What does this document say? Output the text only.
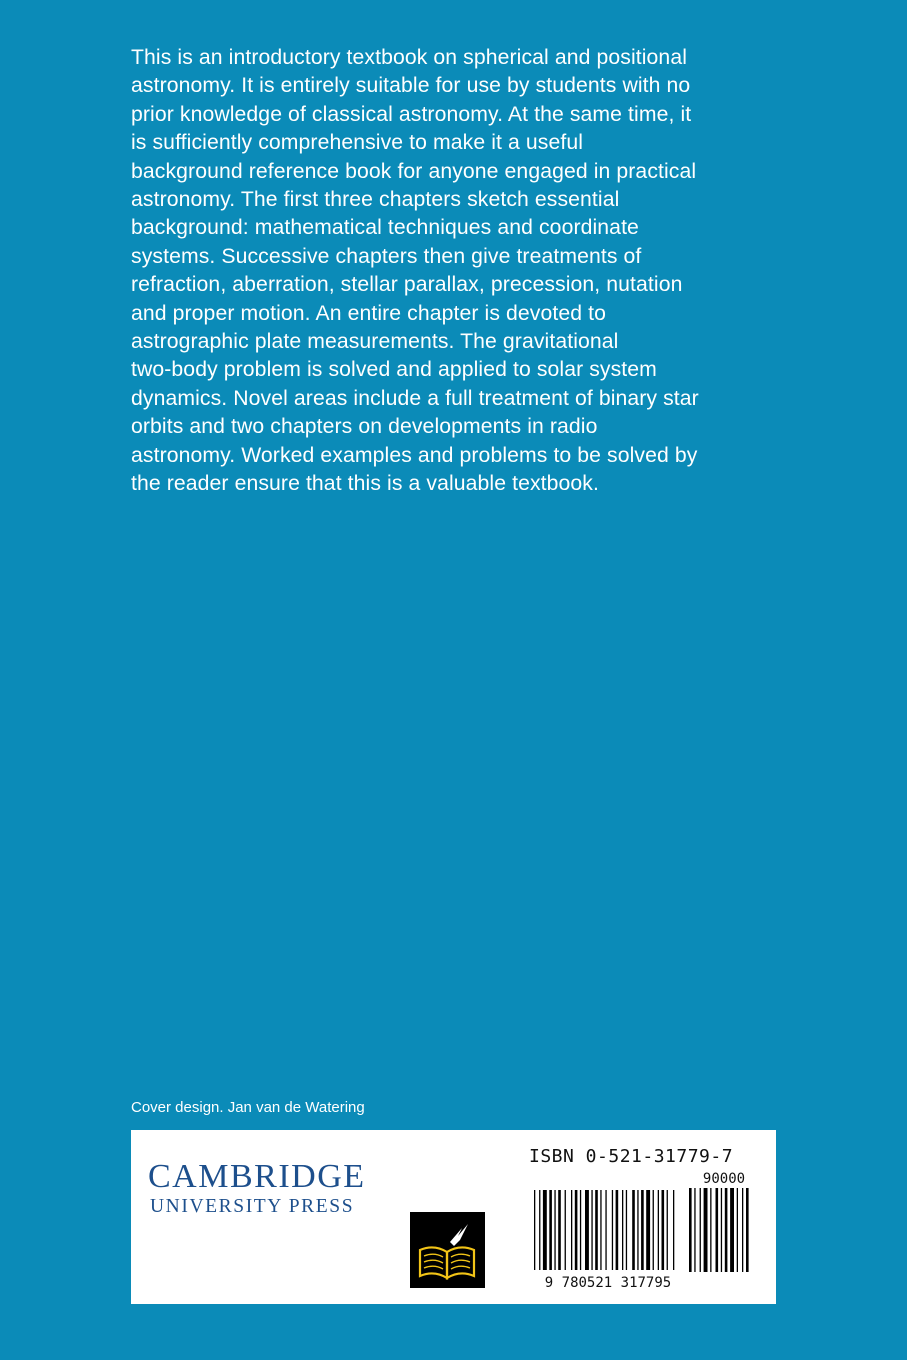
This is an introductory textbook on spherical and positional
astronomy. It is entirely suitable for use by students with no
prior knowledge of classical astronomy. At the same time, it
is sufficiently comprehensive to make it a useful
background reference book for anyone engaged in practical
astronomy. The first three chapters sketch essential
background: mathematical techniques and coordinate
systems. Successive chapters then give treatments of
refraction, aberration, stellar parallax, precession, nutation
and proper motion. An entire chapter is devoted to
astrographic plate measurements. The gravitational
two-body problem is solved and applied to solar system
dynamics. Novel areas include a full treatment of binary star
orbits and two chapters on developments in radio
astronomy. Worked examples and problems to be solved by
the reader ensure that this is a valuable textbook.
Cover design. Jan van de Watering
CAMBRIDGE
UNIVERSITY PRESS
ISBN 0-521-31779-7
90000
9 780521 317795
